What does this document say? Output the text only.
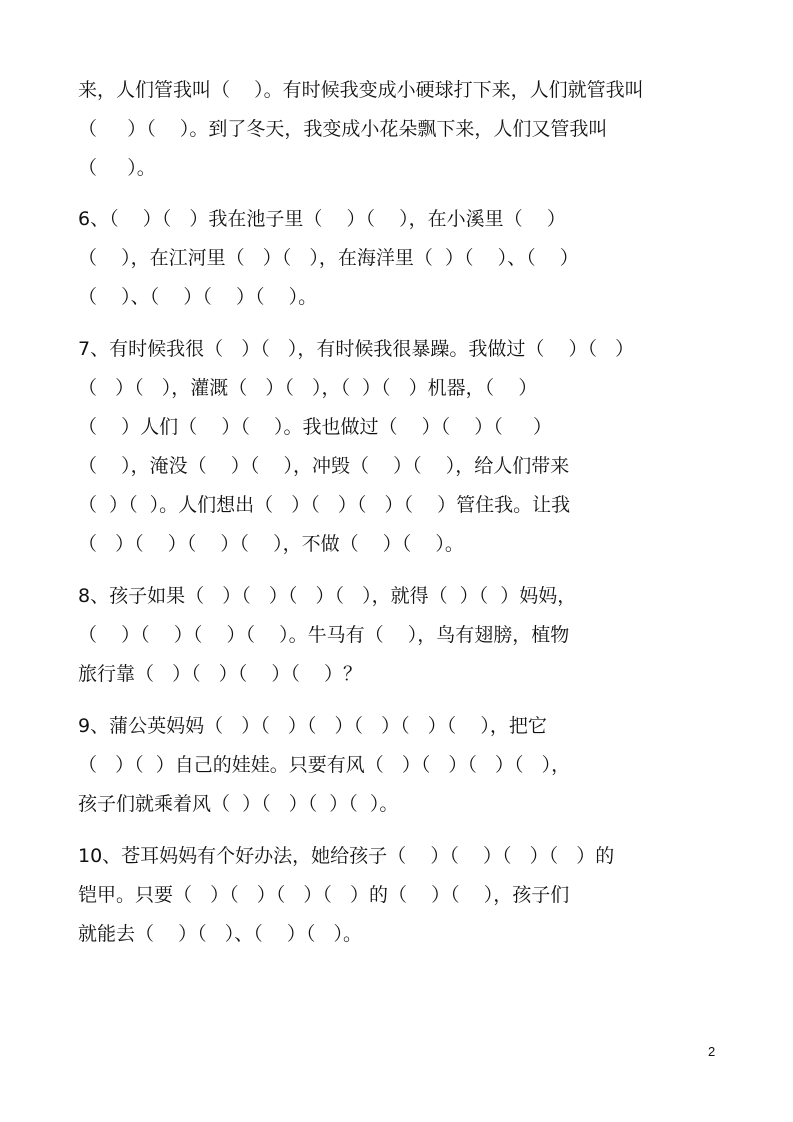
来，人们管我叫（    ）。有时候我变成小硬球打下来，人们就管我叫
（     ）（    ）。到了冬天，我变成小花朵飘下来，人们又管我叫
（     ）。
6、（    ）（   ）我在池子里（    ）（    ），在小溪里（    ）
（    ），在江河里（   ）（   ），在海洋里（  ）（    ）、（    ）
（    ）、（    ）（    ）（    ）。
7、有时候我很（   ）（   ），有时候我很暴躁。我做过（    ）（   ）
（   ）（   ），灌溉（   ）（   ），（  ）（   ）机器，（    ）
（    ）人们（    ）（    ）。我也做过（    ）（    ）（     ）
（    ），淹没（    ）（    ），冲毁（    ）（    ），给人们带来
（  ）（  ）。人们想出（   ）（   ）（   ）（    ）管住我。让我
（   ）（    ）（    ）（    ），不做（    ）（    ）。
8、孩子如果（   ）（   ）（   ）（   ），就得（  ）（  ）妈妈，
（    ）（    ）（    ）（    ）。牛马有（    ），鸟有翅膀，植物
旅行靠（   ）（   ）（    ）（    ）？
9、蒲公英妈妈（   ）（   ）（   ）（   ）（   ）（    ），把它
（   ）（  ）自己的娃娃。只要有风（   ）（   ）（   ）（   ），
孩子们就乘着风（  ）（   ）（  ）（  ）。
10、苍耳妈妈有个好办法，她给孩子（    ）（    ）（   ）（   ）的
铠甲。只要（   ）（   ）（   ）（   ）的（    ）（    ），孩子们
就能去（    ）（   ）、（    ）（   ）。
2
